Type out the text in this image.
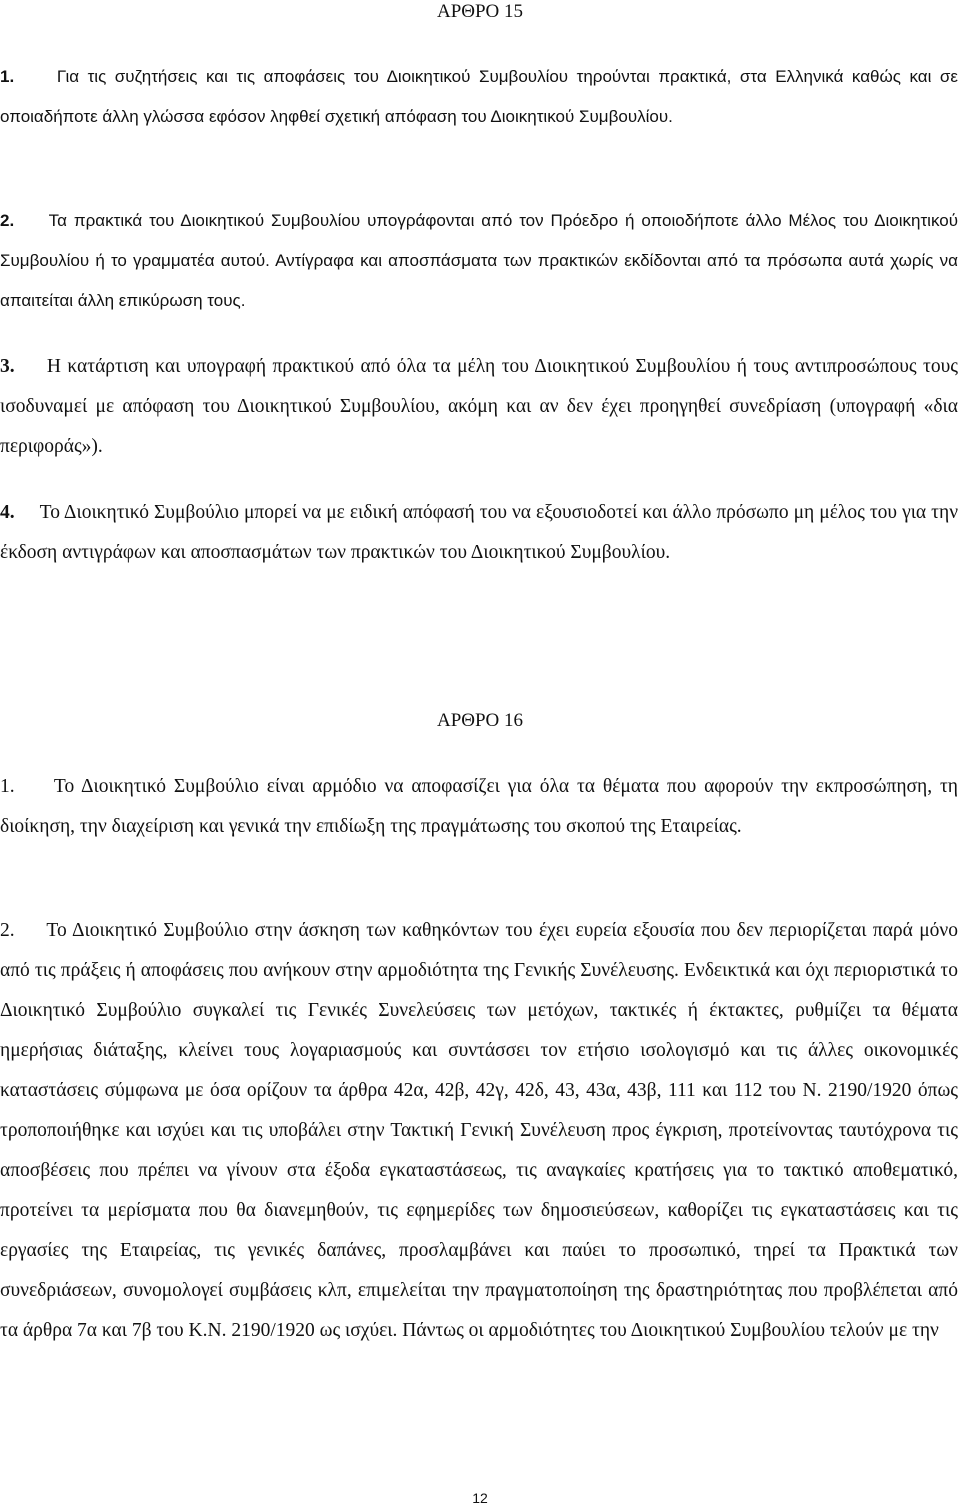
ΑΡΘΡΟ 15

1.	Για τις συζητήσεις και τις αποφάσεις του Διοικητικού Συμβουλίου τηρούνται πρακτικά, στα Ελληνικά καθώς και σε οποιαδήποτε άλλη γλώσσα εφόσον ληφθεί σχετική απόφαση του Διοικητικού Συμβουλίου.

2. Τα πρακτικά του Διοικητικού Συμβουλίου υπογράφονται από τον Πρόεδρο ή οποιοδήποτε άλλο Μέλος του Διοικητικού Συμβουλίου ή το γραμματέα αυτού. Αντίγραφα και αποσπάσματα των πρακτικών εκδίδονται από τα πρόσωπα αυτά χωρίς να απαιτείται άλλη επικύρωση τους.

3. Η κατάρτιση και υπογραφή πρακτικού από όλα τα μέλη του Διοικητικού Συμβουλίου ή τους αντιπροσώπους τους ισοδυναμεί με απόφαση του Διοικητικού Συμβουλίου, ακόμη και αν δεν έχει προηγηθεί συνεδρίαση (υπογραφή «δια περιφοράς»).

4. Το Διοικητικό Συμβούλιο μπορεί να με ειδική απόφασή του να εξουσιοδοτεί και άλλο πρόσωπο μη μέλος του για την έκδοση αντιγράφων και αποσπασμάτων των πρακτικών του Διοικητικού Συμβουλίου.

ΑΡΘΡΟ 16

1. Το Διοικητικό Συμβούλιο είναι αρμόδιο να αποφασίζει για όλα τα θέματα που αφορούν την εκπροσώπηση, τη διοίκηση, την διαχείριση και γενικά την επιδίωξη της πραγμάτωσης του σκοπού της Εταιρείας.

2. Το Διοικητικό Συμβούλιο στην άσκηση των καθηκόντων του έχει ευρεία εξουσία που δεν περιορίζεται παρά μόνο από τις πράξεις ή αποφάσεις που ανήκουν στην αρμοδιότητα της Γενικής Συνέλευσης. Ενδεικτικά και όχι περιοριστικά το Διοικητικό Συμβούλιο συγκαλεί τις Γενικές Συνελεύσεις των μετόχων, τακτικές ή έκτακτες, ρυθμίζει τα θέματα ημερήσιας διάταξης, κλείνει τους λογαριασμούς και συντάσσει τον ετήσιο ισολογισμό και τις άλλες οικονομικές καταστάσεις σύμφωνα με όσα ορίζουν τα άρθρα 42α, 42β, 42γ, 42δ, 43, 43α, 43β, 111 και 112 του Ν. 2190/1920 όπως τροποποιήθηκε και ισχύει και τις υποβάλει στην Τακτική Γενική Συνέλευση προς έγκριση, προτείνοντας ταυτόχρονα τις αποσβέσεις που πρέπει να γίνουν στα έξοδα εγκαταστάσεως, τις αναγκαίες κρατήσεις για το τακτικό αποθεματικό, προτείνει τα μερίσματα που θα διανεμηθούν, τις εφημερίδες των δημοσιεύσεων, καθορίζει τις εγκαταστάσεις και τις εργασίες της Εταιρείας, τις γενικές δαπάνες, προσλαμβάνει και παύει το προσωπικό, τηρεί τα Πρακτικά των συνεδριάσεων, συνομολογεί συμβάσεις κλπ, επιμελείται την πραγματοποίηση της δραστηριότητας που προβλέπεται από τα άρθρα 7α και 7β του Κ.Ν. 2190/1920 ως ισχύει. Πάντως οι αρμοδιότητες του Διοικητικού Συμβουλίου τελούν με την

12
